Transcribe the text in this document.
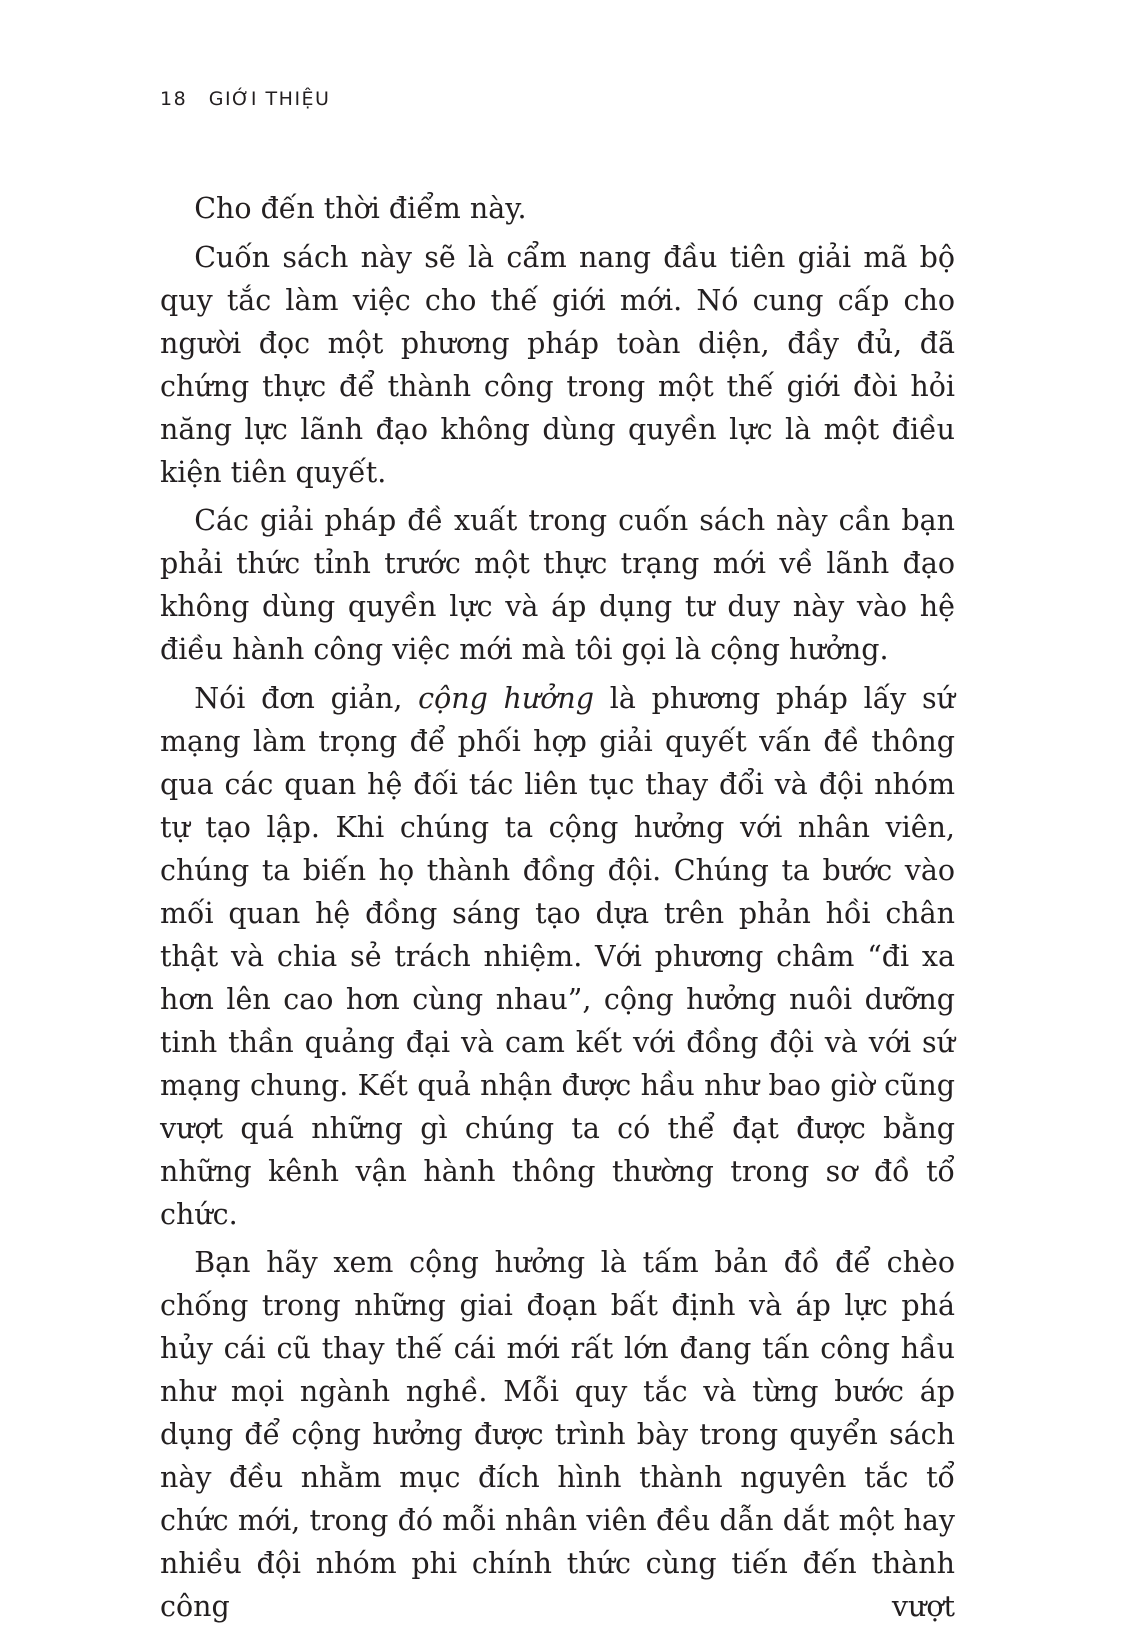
18 GIỚI THIỆU

Cho đến thời điểm này.

Cuốn sách này sẽ là cẩm nang đầu tiên giải mã bộ quy tắc làm việc cho thế giới mới. Nó cung cấp cho người đọc một phương pháp toàn diện, đầy đủ, đã chứng thực để thành công trong một thế giới đòi hỏi năng lực lãnh đạo không dùng quyền lực là một điều kiện tiên quyết.

Các giải pháp đề xuất trong cuốn sách này cần bạn phải thức tỉnh trước một thực trạng mới về lãnh đạo không dùng quyền lực và áp dụng tư duy này vào hệ điều hành công việc mới mà tôi gọi là cộng hưởng.

Nói đơn giản, cộng hưởng là phương pháp lấy sứ mạng làm trọng để phối hợp giải quyết vấn đề thông qua các quan hệ đối tác liên tục thay đổi và đội nhóm tự tạo lập. Khi chúng ta cộng hưởng với nhân viên, chúng ta biến họ thành đồng đội. Chúng ta bước vào mối quan hệ đồng sáng tạo dựa trên phản hồi chân thật và chia sẻ trách nhiệm. Với phương châm “đi xa hơn lên cao hơn cùng nhau”, cộng hưởng nuôi dưỡng tinh thần quảng đại và cam kết với đồng đội và với sứ mạng chung. Kết quả nhận được hầu như bao giờ cũng vượt quá những gì chúng ta có thể đạt được bằng những kênh vận hành thông thường trong sơ đồ tổ chức.

Bạn hãy xem cộng hưởng là tấm bản đồ để chèo chống trong những giai đoạn bất định và áp lực phá hủy cái cũ thay thế cái mới rất lớn đang tấn công hầu như mọi ngành nghề. Mỗi quy tắc và từng bước áp dụng để cộng hưởng được trình bày trong quyển sách này đều nhằm mục đích hình thành nguyên tắc tổ chức mới, trong đó mỗi nhân viên đều dẫn dắt một hay nhiều đội nhóm phi chính thức cùng tiến đến thành công vượt
